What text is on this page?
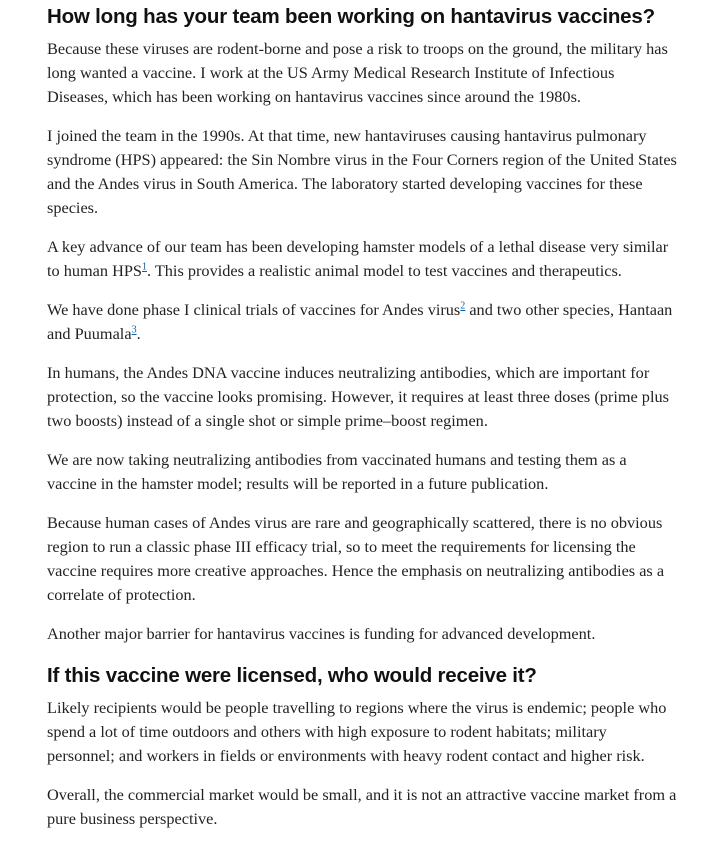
How long has your team been working on hantavirus vaccines?

Because these viruses are rodent-borne and pose a risk to troops on the ground, the military has long wanted a vaccine. I work at the US Army Medical Research Institute of Infectious Diseases, which has been working on hantavirus vaccines since around the 1980s.

I joined the team in the 1990s. At that time, new hantaviruses causing hantavirus pulmonary syndrome (HPS) appeared: the Sin Nombre virus in the Four Corners region of the United States and the Andes virus in South America. The laboratory started developing vaccines for these species.

A key advance of our team has been developing hamster models of a lethal disease very similar to human HPS$^1$. This provides a realistic animal model to test vaccines and therapeutics.

We have done phase I clinical trials of vaccines for Andes virus$^2$ and two other species, Hantaan and Puumala$^3$.

In humans, the Andes DNA vaccine induces neutralizing antibodies, which are important for protection, so the vaccine looks promising. However, it requires at least three doses (prime plus two boosts) instead of a single shot or simple prime–boost regimen.

We are now taking neutralizing antibodies from vaccinated humans and testing them as a vaccine in the hamster model; results will be reported in a future publication.

Because human cases of Andes virus are rare and geographically scattered, there is no obvious region to run a classic phase III efficacy trial, so to meet the requirements for licensing the vaccine requires more creative approaches. Hence the emphasis on neutralizing antibodies as a correlate of protection.

Another major barrier for hantavirus vaccines is funding for advanced development.

If this vaccine were licensed, who would receive it?

Likely recipients would be people travelling to regions where the virus is endemic; people who spend a lot of time outdoors and others with high exposure to rodent habitats; military personnel; and workers in fields or environments with heavy rodent contact and higher risk.

Overall, the commercial market would be small, and it is not an attractive vaccine market from a pure business perspective.
